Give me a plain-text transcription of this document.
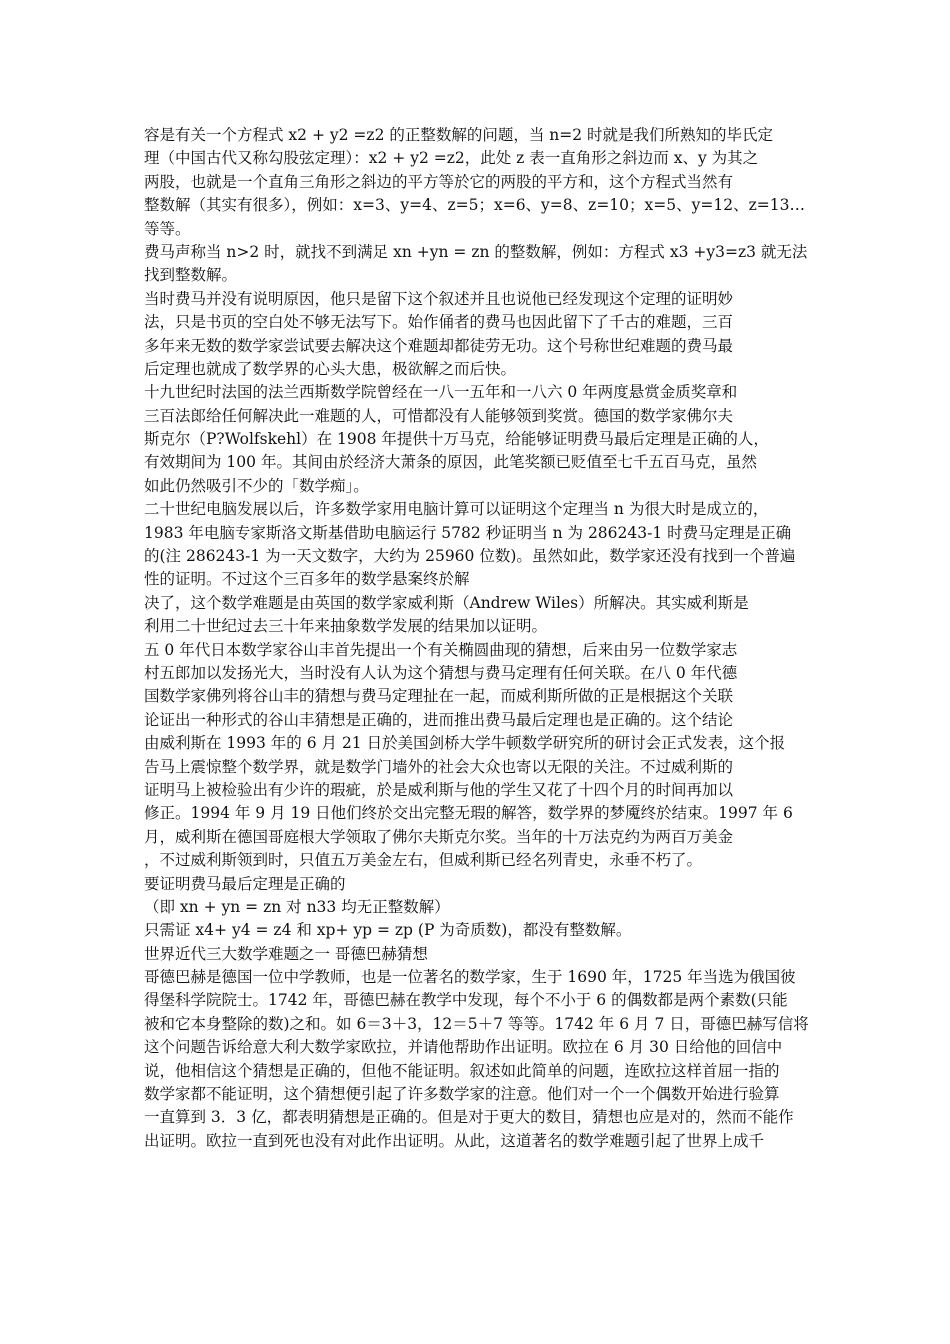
容是有关一个方程式 x2 + y2 =z2 的正整数解的问题，当 n=2 时就是我们所熟知的毕氏定
理（中国古代又称勾股弦定理）：x2 + y2 =z2，此处 z 表一直角形之斜边而 x、y 为其之
两股，也就是一个直角三角形之斜边的平方等於它的两股的平方和，这个方程式当然有
整数解（其实有很多），例如：x=3、y=4、z=5；x=6、y=8、z=10；x=5、y=12、z=13…
等等。
费马声称当 n>2 时，就找不到满足 xn +yn = zn 的整数解，例如：方程式 x3 +y3=z3 就无法
找到整数解。
当时费马并没有说明原因，他只是留下这个叙述并且也说他已经发现这个定理的证明妙
法，只是书页的空白处不够无法写下。始作俑者的费马也因此留下了千古的难题，三百
多年来无数的数学家尝试要去解决这个难题却都徒劳无功。这个号称世纪难题的费马最
后定理也就成了数学界的心头大患，极欲解之而后快。
十九世纪时法国的法兰西斯数学院曾经在一八一五年和一八六 0 年两度悬赏金质奖章和
三百法郎给任何解决此一难题的人，可惜都没有人能够领到奖赏。德国的数学家佛尔夫
斯克尔（P?Wolfskehl）在 1908 年提供十万马克，给能够证明费马最后定理是正确的人，
有效期间为 100 年。其间由於经济大萧条的原因，此笔奖额已贬值至七千五百马克，虽然
如此仍然吸引不少的「数学痴」。
二十世纪电脑发展以后，许多数学家用电脑计算可以证明这个定理当 n 为很大时是成立的，
1983 年电脑专家斯洛文斯基借助电脑运行 5782 秒证明当 n 为 286243-1 时费马定理是正确
的(注 286243-1 为一天文数字，大约为 25960 位数)。虽然如此，数学家还没有找到一个普遍
性的证明。不过这个三百多年的数学悬案终於解
决了，这个数学难题是由英国的数学家威利斯（Andrew Wiles）所解决。其实威利斯是
利用二十世纪过去三十年来抽象数学发展的结果加以证明。
五 0 年代日本数学家谷山丰首先提出一个有关椭圆曲现的猜想，后来由另一位数学家志
村五郎加以发扬光大，当时没有人认为这个猜想与费马定理有任何关联。在八 0 年代德
国数学家佛列将谷山丰的猜想与费马定理扯在一起，而威利斯所做的正是根据这个关联
论证出一种形式的谷山丰猜想是正确的，进而推出费马最后定理也是正确的。这个结论
由威利斯在 1993 年的 6 月 21 日於美国剑桥大学牛顿数学研究所的研讨会正式发表，这个报
告马上震惊整个数学界，就是数学门墙外的社会大众也寄以无限的关注。不过威利斯的
证明马上被检验出有少许的瑕疵，於是威利斯与他的学生又花了十四个月的时间再加以
修正。1994 年 9 月 19 日他们终於交出完整无瑕的解答，数学界的梦魇终於结束。1997 年 6
月，威利斯在德国哥庭根大学领取了佛尔夫斯克尔奖。当年的十万法克约为两百万美金
，不过威利斯领到时，只值五万美金左右，但威利斯已经名列青史，永垂不朽了。
要证明费马最后定理是正确的
（即 xn + yn = zn 对 n33 均无正整数解）
只需证 x4+ y4 = z4 和 xp+ yp = zp (P 为奇质数)，都没有整数解。
世界近代三大数学难题之一 哥德巴赫猜想
哥德巴赫是德国一位中学教师，也是一位著名的数学家，生于 1690 年，1725 年当选为俄国彼
得堡科学院院士。1742 年，哥德巴赫在教学中发现，每个不小于 6 的偶数都是两个素数(只能
被和它本身整除的数)之和。如 6＝3＋3，12＝5＋7 等等。1742 年 6 月 7 日，哥德巴赫写信将
这个问题告诉给意大利大数学家欧拉，并请他帮助作出证明。欧拉在 6 月 30 日给他的回信中
说，他相信这个猜想是正确的，但他不能证明。叙述如此简单的问题，连欧拉这样首屈一指的
数学家都不能证明，这个猜想便引起了许多数学家的注意。他们对一个一个偶数开始进行验算
一直算到 3．3 亿，都表明猜想是正确的。但是对于更大的数目，猜想也应是对的，然而不能作
出证明。欧拉一直到死也没有对此作出证明。从此，这道著名的数学难题引起了世界上成千
